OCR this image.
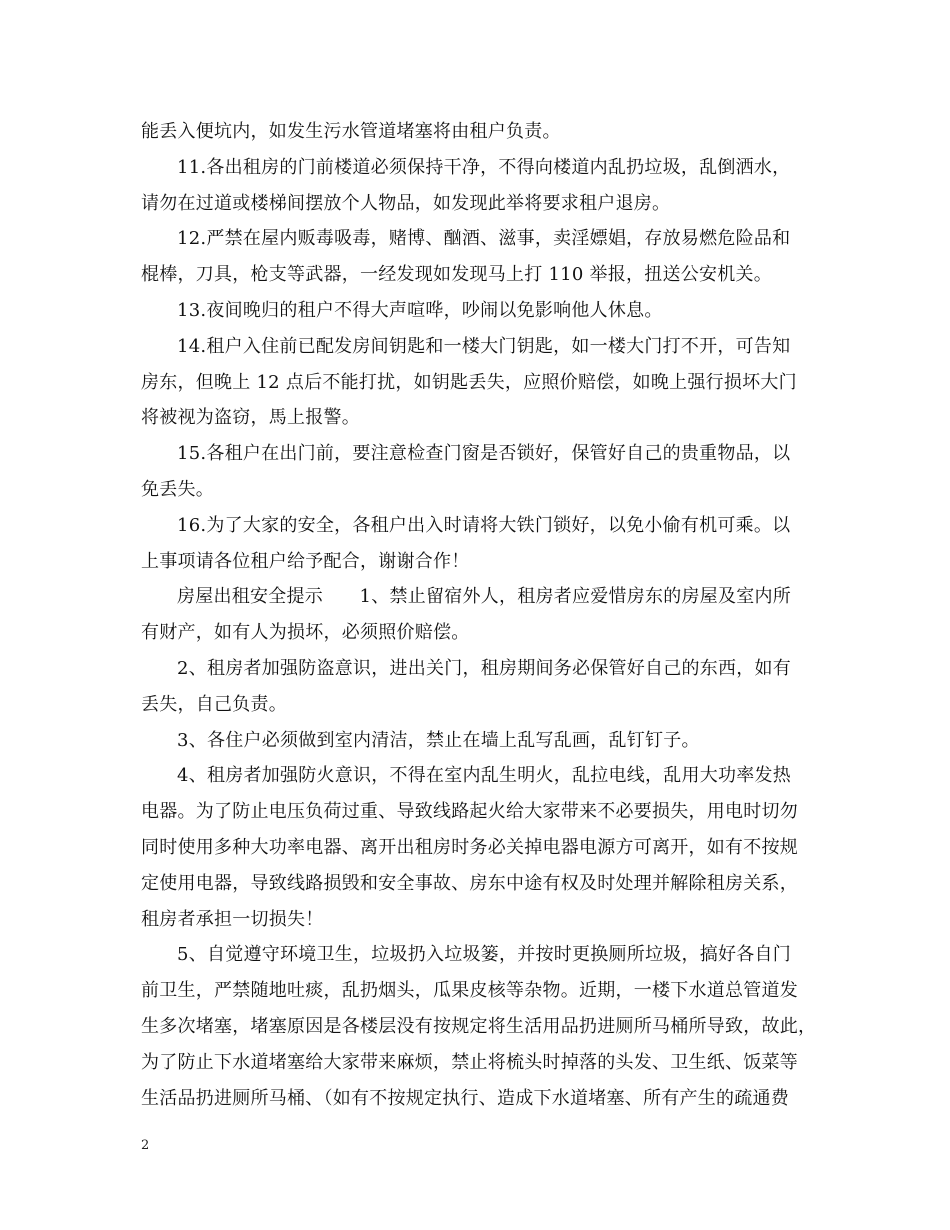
能丢入便坑内，如发生污水管道堵塞将由租户负责。
11.各出租房的门前楼道必须保持干净，不得向楼道内乱扔垃圾，乱倒洒水，
请勿在过道或楼梯间摆放个人物品，如发现此举将要求租户退房。
12.严禁在屋内贩毒吸毒，赌博、酗酒、滋事，卖淫嫖娼，存放易燃危险品和
棍棒，刀具，枪支等武器，一经发现如发现马上打 110 举报，扭送公安机关。
13.夜间晚归的租户不得大声喧哗，吵闹以免影响他人休息。
14.租户入住前已配发房间钥匙和一楼大门钥匙，如一楼大门打不开，可告知
房东，但晚上 12 点后不能打扰，如钥匙丢失，应照价赔偿，如晚上强行损坏大门
将被视为盗窃，馬上报警。
15.各租户在出门前，要注意检查门窗是否锁好，保管好自己的贵重物品，以
免丢失。
16.为了大家的安全，各租户出入时请将大铁门锁好，以免小偷有机可乘。以
上事项请各位租户给予配合，谢谢合作！
房屋出租安全提示　　1、禁止留宿外人，租房者应爱惜房东的房屋及室内所
有财产，如有人为损坏，必须照价赔偿。
2、租房者加强防盗意识，进出关门，租房期间务必保管好自己的东西，如有
丢失，自己负责。
3、各住户必须做到室内清洁，禁止在墙上乱写乱画，乱钉钉子。
4、租房者加强防火意识，不得在室内乱生明火，乱拉电线，乱用大功率发热
电器。为了防止电压负荷过重、导致线路起火给大家带来不必要损失，用电时切勿
同时使用多种大功率电器、离开出租房时务必关掉电器电源方可离开，如有不按规
定使用电器，导致线路损毁和安全事故、房东中途有权及时处理并解除租房关系，
租房者承担一切损失！
5、自觉遵守环境卫生，垃圾扔入垃圾篓，并按时更换厕所垃圾，搞好各自门
前卫生，严禁随地吐痰，乱扔烟头，瓜果皮核等杂物。近期，一楼下水道总管道发
生多次堵塞，堵塞原因是各楼层没有按规定将生活用品扔进厕所马桶所导致，故此，
为了防止下水道堵塞给大家带来麻烦，禁止将梳头时掉落的头发、卫生纸、饭菜等
生活品扔进厕所马桶、（如有不按规定执行、造成下水道堵塞、所有产生的疏通费
2
